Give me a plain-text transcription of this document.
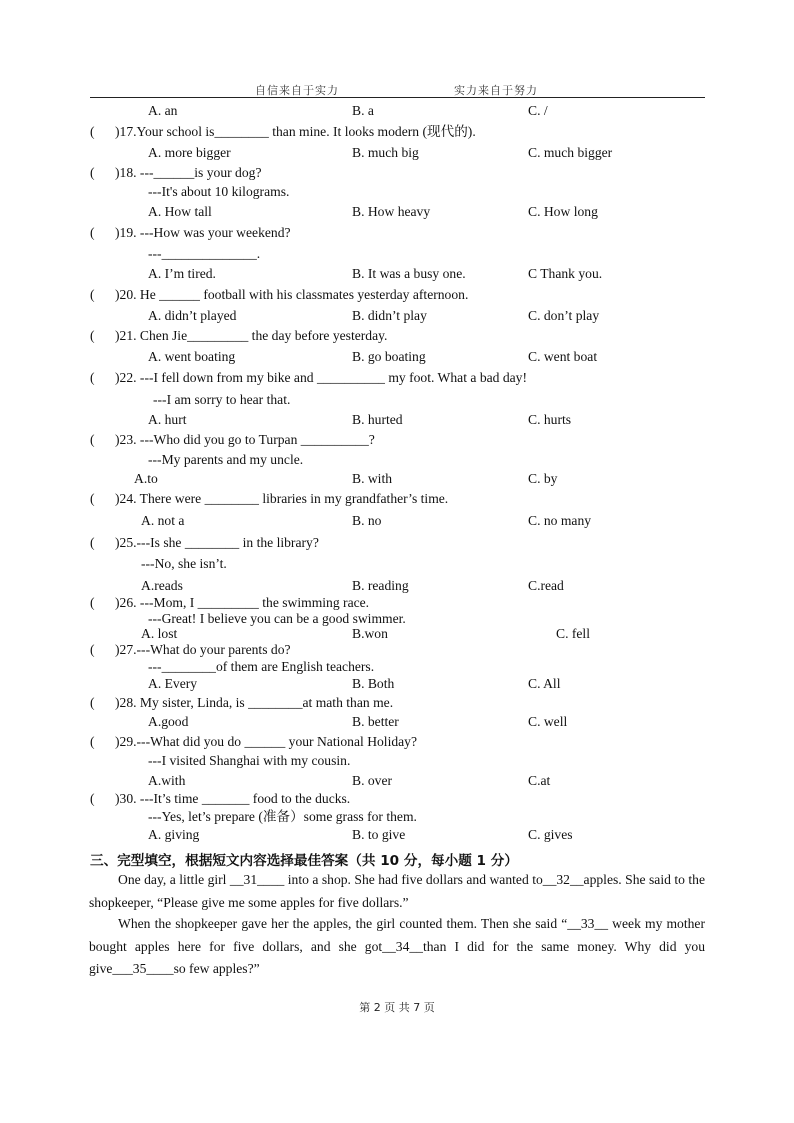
自信来自于实力	实力来自于努力
A. an	B. a	C. /
( )17.Your school is________ than mine. It looks modern (现代的).
A. more bigger	B. much big	C. much bigger
( )18. ---______is your dog?
---It's about 10 kilograms.
A. How tall	B. How heavy	C. How long
( )19. ---How was your weekend?
---______________.
A. I’m tired.	B. It was a busy one.	C Thank you.
( )20. He ______ football with his classmates yesterday afternoon.
A. didn’t played	B. didn’t play	C. don’t play
( )21. Chen Jie_________ the day before yesterday.
A. went boating	B. go boating	C. went boat
( )22. ---I fell down from my bike and __________ my foot. What a bad day!
---I am sorry to hear that.
A. hurt	B. hurted	C. hurts
( )23. ---Who did you go to Turpan __________?
---My parents and my uncle.
A.to	B. with	C. by
( )24. There were ________ libraries in my grandfather’s time.
A. not a	B. no	C. no many
( )25.---Is she ________ in the library?
---No, she isn’t.
A.reads	B. reading	C.read
( )26. ---Mom, I _________ the swimming race.
---Great! I believe you can be a good swimmer.
A. lost	B.won	C. fell
( )27.---What do your parents do?
---________of them are English teachers.
A. Every	B. Both	C. All
( )28. My sister, Linda, is ________at math than me.
A.good	B. better	C. well
( )29.---What did you do ______ your National Holiday?
---I visited Shanghai with my cousin.
A.with	B. over	C.at
( )30. ---It’s time _______ food to the ducks.
---Yes, let’s prepare (准备）some grass for them.
A. giving	B. to give	C. gives
三、完型填空，根据短文内容选择最佳答案（共 10 分，每小题 1 分）
One day, a little girl __31____ into a shop. She had five dollars and wanted to__32__apples. She said to the shopkeeper, “Please give me some apples for five dollars.”
When the shopkeeper gave her the apples, the girl counted them. Then she said “__33__ week my mother bought apples here for five dollars, and she got__34__than I did for the same money. Why did you give___35____so few apples?”
第 2 页 共 7 页
